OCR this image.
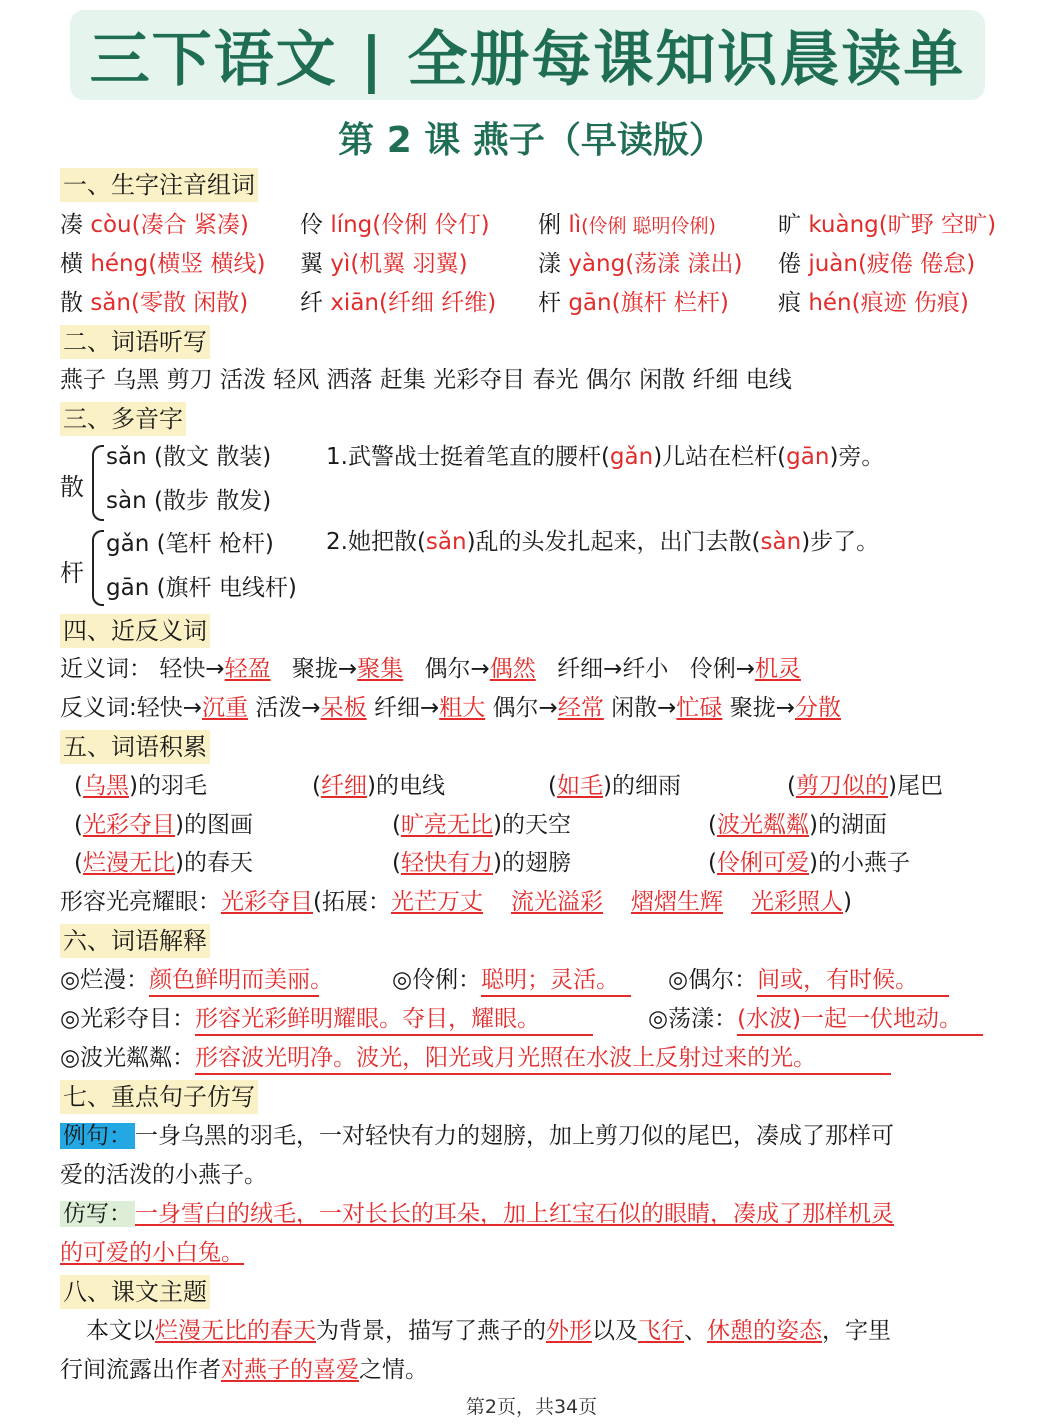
三下语文 | 全册每课知识晨读单
第 2 课 燕子（早读版）
一、生字注音组词
凑 còu(凑合 紧凑) 伶 líng(伶俐 伶仃) 俐 lì(伶俐 聪明伶俐)	旷 kuàng(旷野 空旷)
横 héng(横竖 横线) 翼 yì(机翼 羽翼)	漾 yàng(荡漾 漾出) 倦 juàn(疲倦 倦怠)
散 sǎn(零散 闲散) 纤 xiān(纤细 纤维) 杆 gān(旗杆 栏杆) 痕 hén(痕迹 伤痕)
二、词语听写
燕子 乌黑 剪刀 活泼 轻风 洒落 赶集 光彩夺目 春光 偶尔 闲散 纤细 电线
三、多音字
散
sǎn (散文 散装)
sàn (散步 散发)
杆
gǎn (笔杆 枪杆)
gān (旗杆 电线杆)
1.武警战士挺着笔直的腰杆(gǎn)儿站在栏杆(gān)旁。
2.她把散(sǎn)乱的头发扎起来，出门去散(sàn)步了。
四、近反义词
近义词： 轻快→轻盈 聚拢→聚集 偶尔→偶然 纤细→纤小 伶俐→机灵
反义词:轻快→沉重 活泼→呆板 纤细→粗大 偶尔→经常 闲散→忙碌 聚拢→分散
五、词语积累
(乌黑)的羽毛	(纤细)的电线	(如毛)的细雨	(剪刀似的)尾巴
(光彩夺目)的图画	(旷亮无比)的天空	(波光粼粼)的湖面
(烂漫无比)的春天	(轻快有力)的翅膀	(伶俐可爱)的小燕子
形容光亮耀眼：光彩夺目(拓展：光芒万丈 流光溢彩 熠熠生辉 光彩照人)
六、词语解释
◎烂漫：颜色鲜明而美丽。	◎伶俐：聪明；灵活。	◎偶尔：间或，有时候。
◎光彩夺目：形容光彩鲜明耀眼。夺目，耀眼。	◎荡漾：(水波)一起一伏地动。
◎波光粼粼：形容波光明净。波光，阳光或月光照在水波上反射过来的光。
七、重点句子仿写
例句： 一身乌黑的羽毛，一对轻快有力的翅膀，加上剪刀似的尾巴，凑成了那样可
爱的活泼的小燕子。
仿写： 一身雪白的绒毛，一对长长的耳朵，加上红宝石似的眼睛，凑成了那样机灵
的可爱的小白兔。
八、课文主题
本文以烂漫无比的春天为背景，描写了燕子的外形以及飞行、休憩的姿态，字里
行间流露出作者对燕子的喜爱之情。
第2页，共34页
